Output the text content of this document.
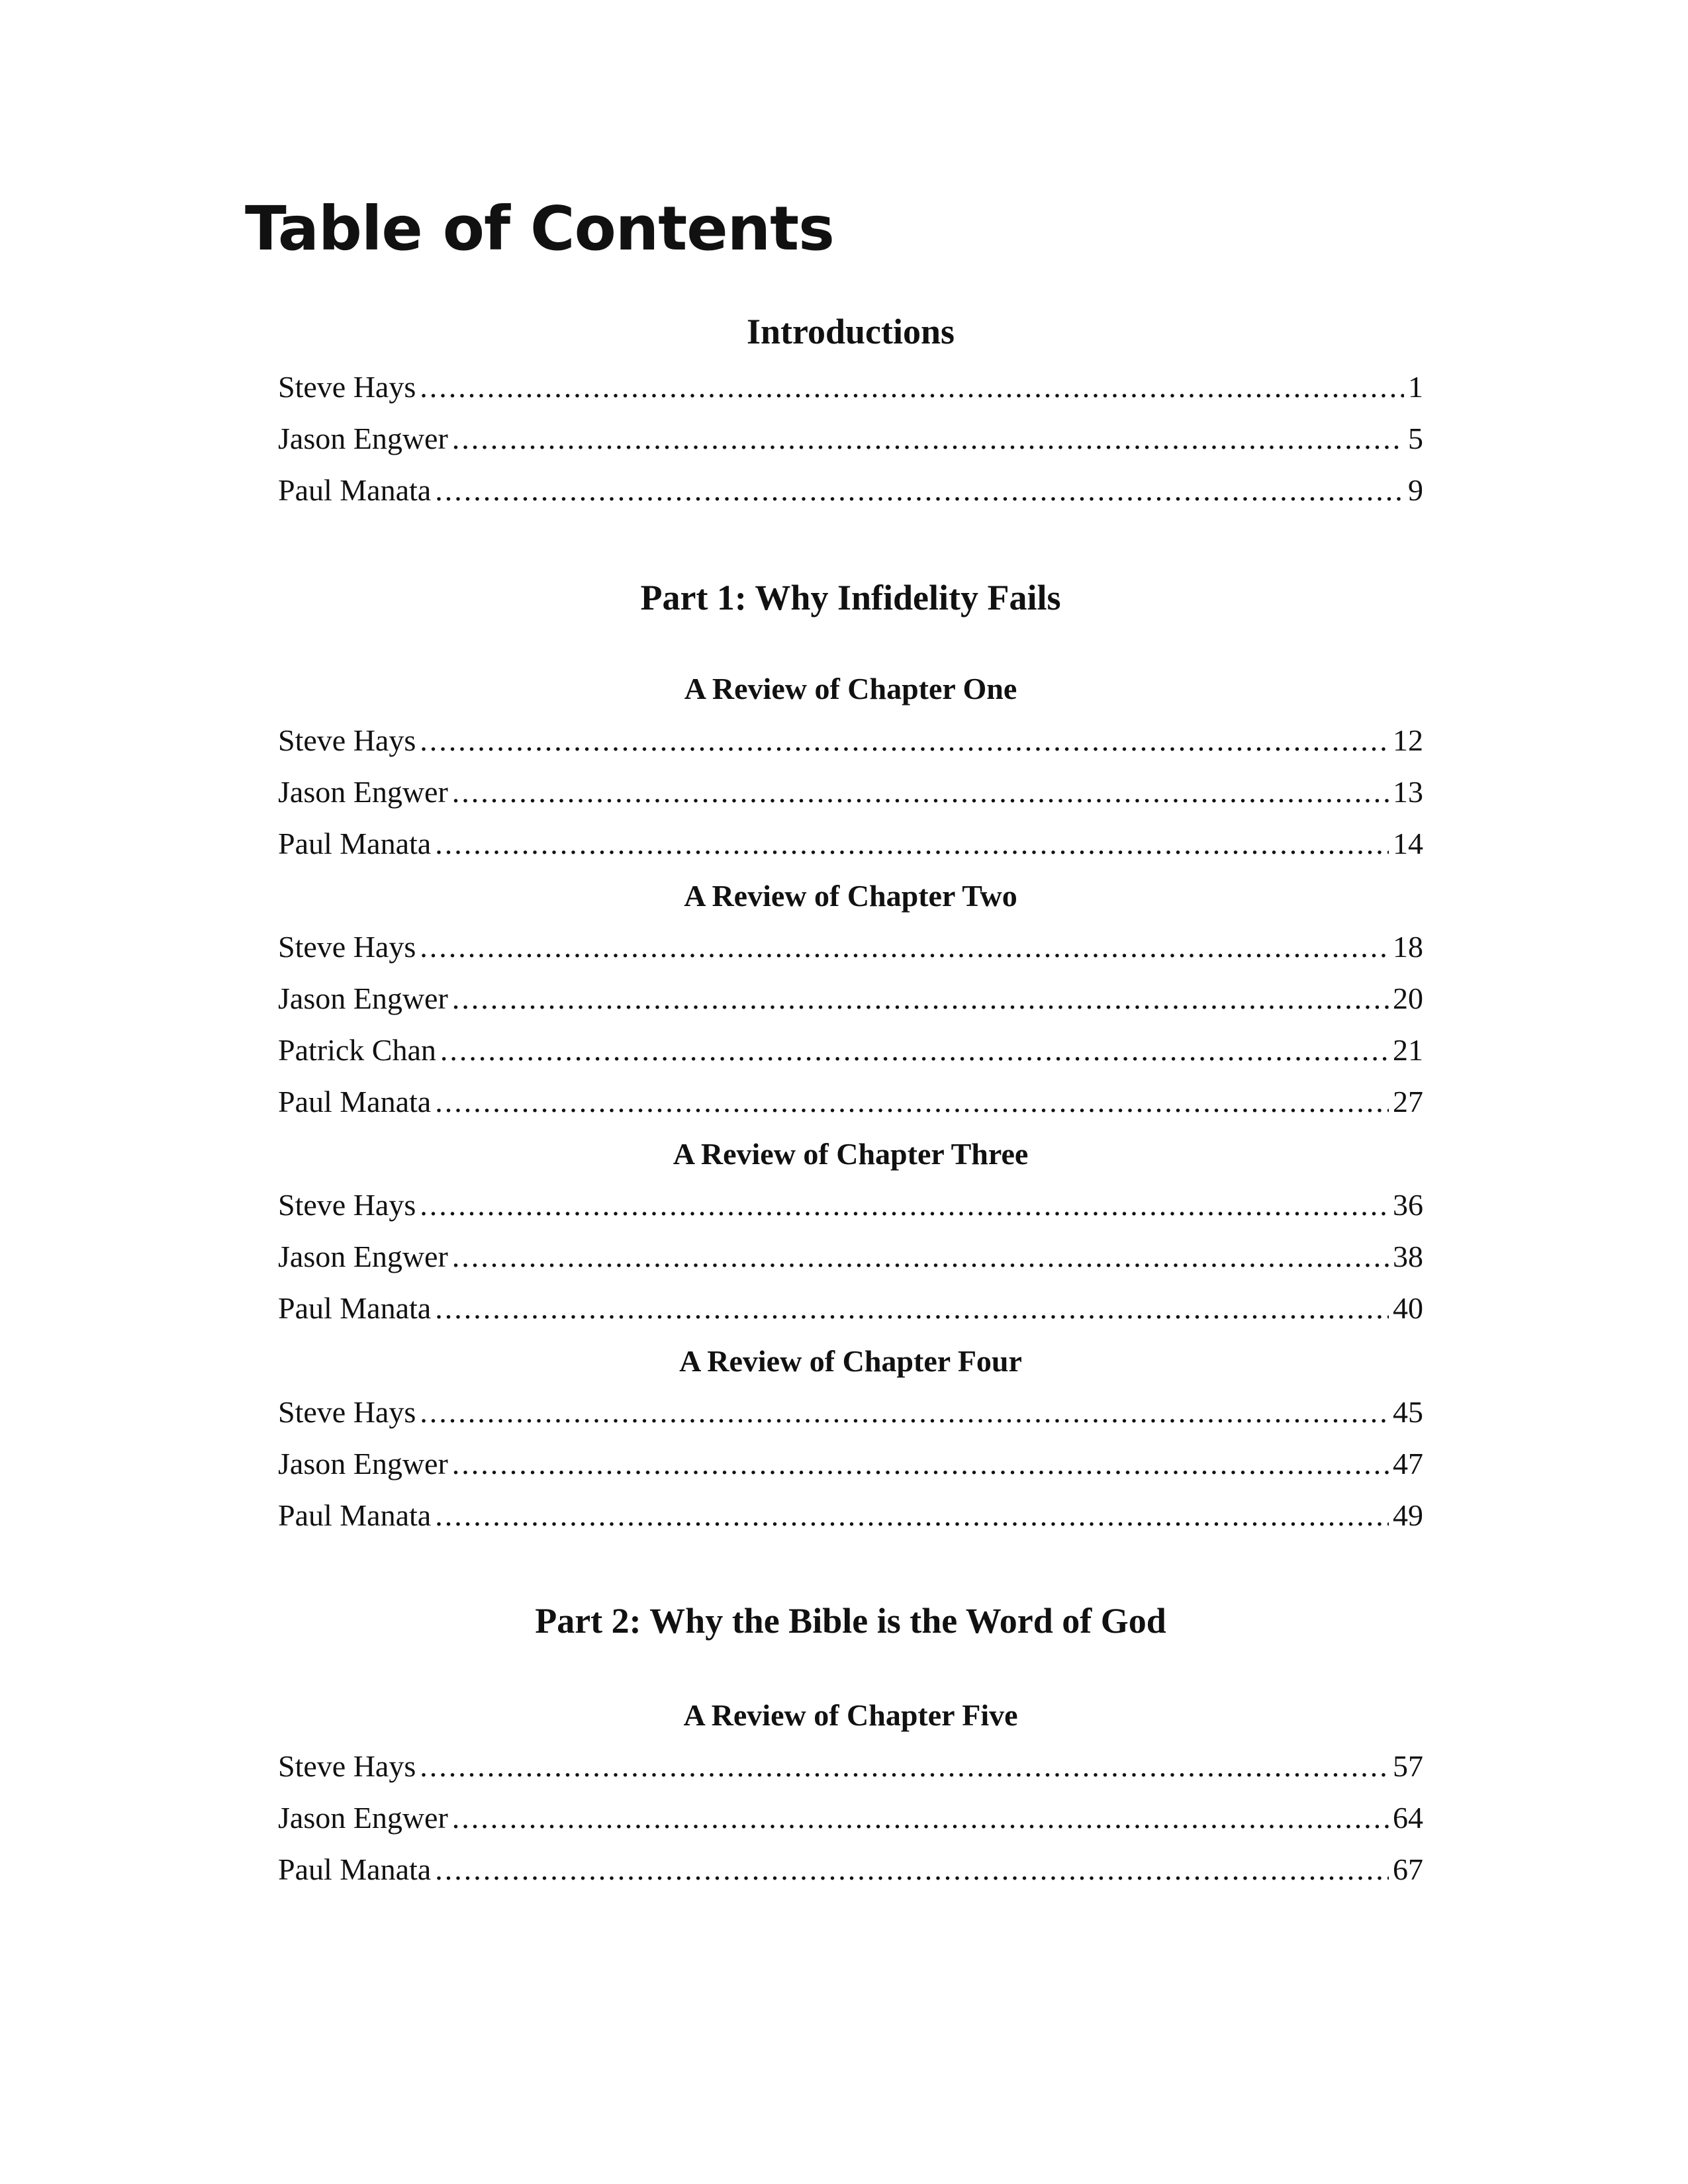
Table of Contents
Introductions
Steve Hays .....	1
Jason Engwer .....	5
Paul Manata .....	9
Part 1: Why Infidelity Fails
A Review of Chapter One
Steve Hays .....	12
Jason Engwer .....	13
Paul Manata .....	14
A Review of Chapter Two
Steve Hays .....	18
Jason Engwer .....	20
Patrick Chan .....	21
Paul Manata .....	27
A Review of Chapter Three
Steve Hays .....	36
Jason Engwer .....	38
Paul Manata .....	40
A Review of Chapter Four
Steve Hays .....	45
Jason Engwer .....	47
Paul Manata .....	49
Part 2: Why the Bible is the Word of God
A Review of Chapter Five
Steve Hays .....	57
Jason Engwer .....	64
Paul Manata .....	67
